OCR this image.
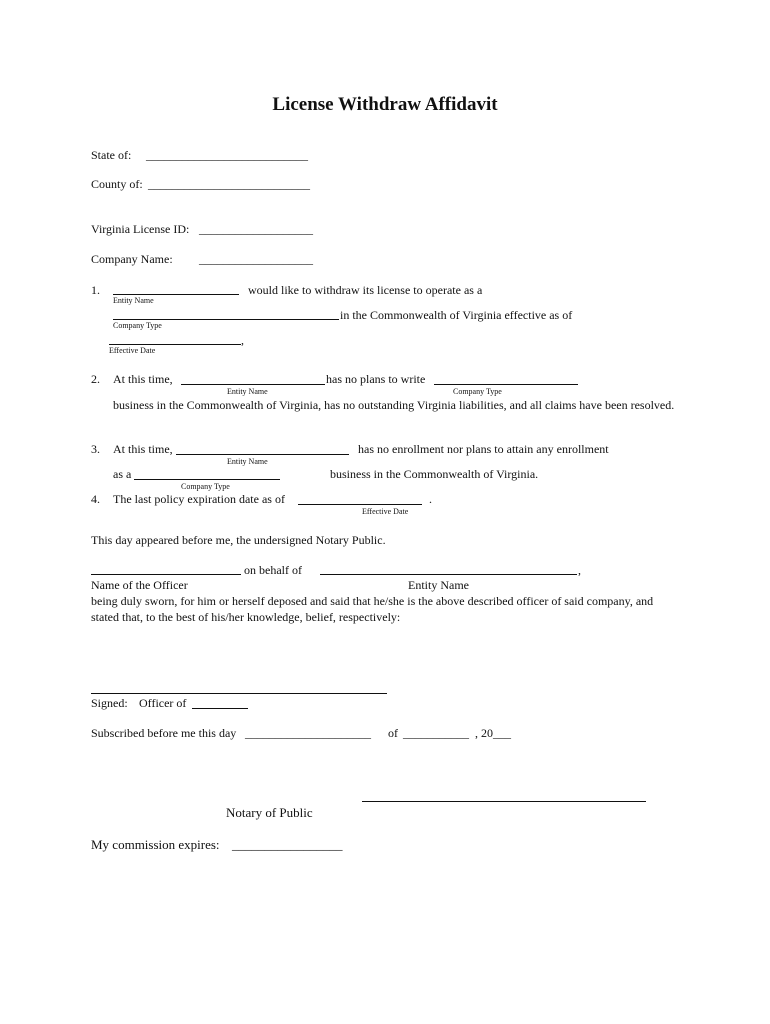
License Withdraw Affidavit
State of: ___________________________
County of: ___________________________
Virginia License ID: ___________________
Company Name: ___________________
1.	would like to withdraw its license to operate as a
Entity Name
in the Commonwealth of Virginia effective as of
Company Type
,
Effective Date
2. At this time,	has no plans to write
Entity Name	Company Type
business in the Commonwealth of Virginia, has no outstanding Virginia liabilities, and all claims have been resolved.
3. At this time,	has no enrollment nor plans to attain any enrollment
Entity Name
as a	business in the Commonwealth of Virginia.
Company Type
4. The last policy expiration date as of	.
Effective Date
This day appeared before me, the undersigned Notary Public.
on behalf of	,
Name of the Officer	Entity Name
being duly sworn, for him or herself deposed and said that he/she is the above described officer of said company, and stated that, to the best of his/her knowledge, belief, respectively:
Signed: Officer of
Subscribed before me this day _____________________ of ___________ , 20___
Notary of Public
My commission expires: _________________
